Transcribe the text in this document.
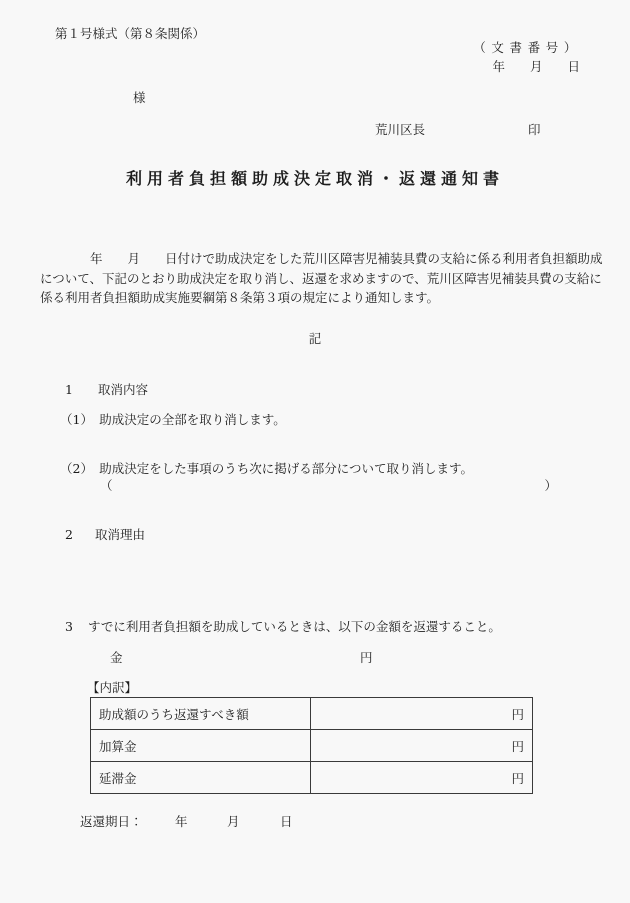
第１号様式（第８条関係）
（文書番号）
年　　月　　日
様
荒川区長	印
利用者負担額助成決定取消・返還通知書
　　　　年　　月　　日付けで助成決定をした荒川区障害児補装具費の支給に係る利用者負担額助成
について、下記のとおり助成決定を取り消し、返還を求めますので、荒川区障害児補装具費の支給に
係る利用者負担額助成実施要綱第８条第３項の規定により通知します。
記
1 取消内容
（1）　助成決定の全部を取り消します。
（2）　助成決定をした事項のうち次に掲げる部分について取り消します。
（	）
2 取消理由
3 すでに利用者負担額を助成しているときは、以下の金額を返還すること。
金	円
【内訳】
助成額のうち返還すべき額	円
加算金	円
延滞金	円
返還期日：	年	月	日
